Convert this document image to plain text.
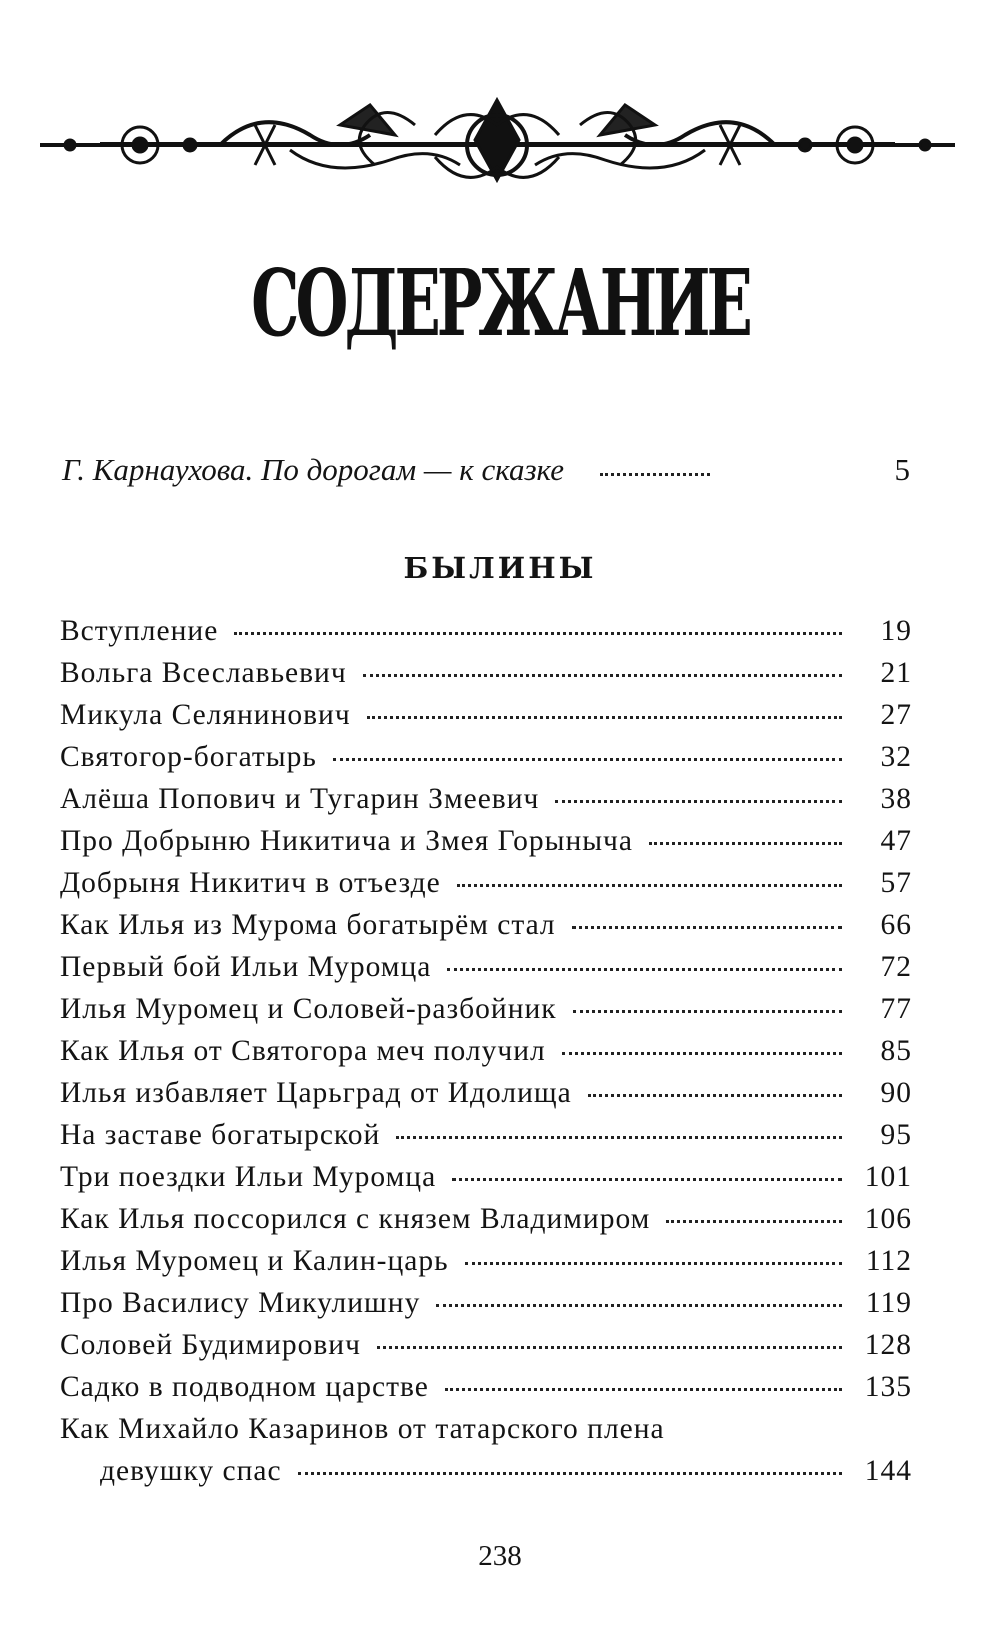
СОДЕРЖАНИЕ
Г. Карнаухова. По дорогам — к сказке	5
БЫЛИНЫ
Вступление	19
Вольга Всеславьевич	21
Микула Селянинович	27
Святогор-богатырь	32
Алёша Попович и Тугарин Змеевич	38
Про Добрыню Никитича и Змея Горыныча	47
Добрыня Никитич в отъезде	57
Как Илья из Мурома богатырём стал	66
Первый бой Ильи Муромца	72
Илья Муромец и Соловей-разбойник	77
Как Илья от Святогора меч получил	85
Илья избавляет Царьград от Идолища	90
На заставе богатырской	95
Три поездки Ильи Муромца	101
Как Илья поссорился с князем Владимиром	106
Илья Муромец и Калин-царь	112
Про Василису Микулишну	119
Соловей Будимирович	128
Садко в подводном царстве	135
Как Михайло Казаринов от татарского плена
девушку спас	144
238
